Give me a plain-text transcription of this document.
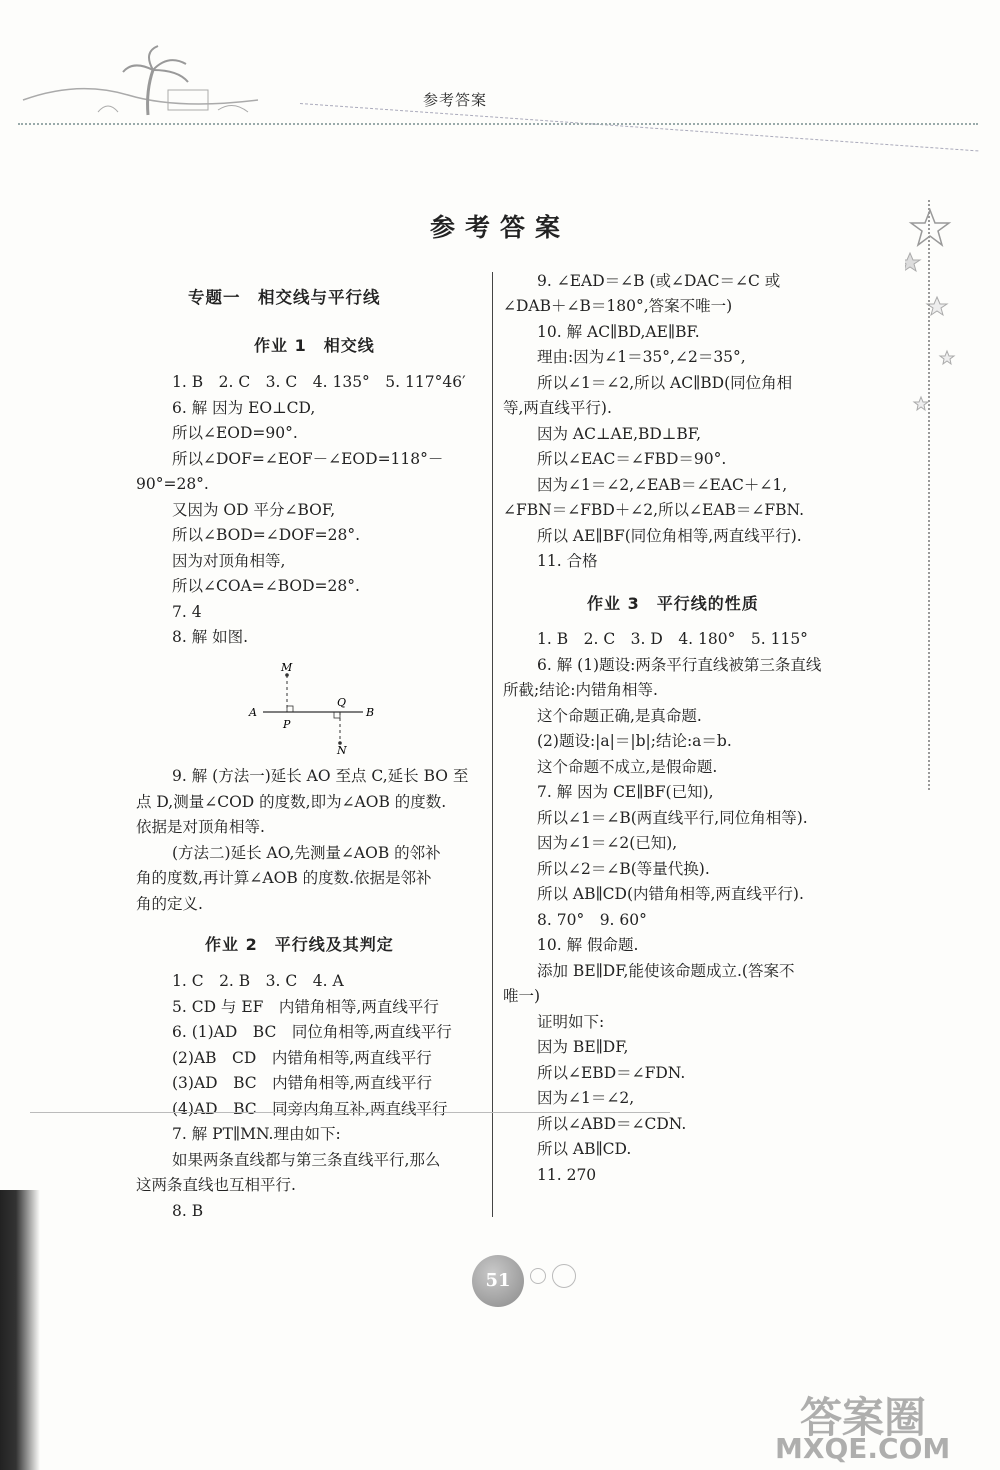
参考答案
参考答案
专题一　相交线与平行线
作业 1　相交线
1. B　2. C　3. C　4. 135°　5. 117°46′
6. 解 因为 EO⊥CD,
所以∠EOD=90°.
所以∠DOF=∠EOF－∠EOD=118°－
90°=28°.
又因为 OD 平分∠BOF,
所以∠BOD=∠DOF=28°.
因为对顶角相等,
所以∠COA=∠BOD=28°.
7. 4
8. 解 如图.
M
A
P
Q
B
N
9. 解 (方法一)延长 AO 至点 C,延长 BO 至
点 D,测量∠COD 的度数,即为∠AOB 的度数.
依据是对顶角相等.
(方法二)延长 AO,先测量∠AOB 的邻补
角的度数,再计算∠AOB 的度数.依据是邻补
角的定义.
作业 2　平行线及其判定
1. C　2. B　3. C　4. A
5. CD 与 EF　内错角相等,两直线平行
6. (1)AD　BC　同位角相等,两直线平行
(2)AB　CD　内错角相等,两直线平行
(3)AD　BC　内错角相等,两直线平行
(4)AD　BC　同旁内角互补,两直线平行
7. 解 PT∥MN.理由如下:
如果两条直线都与第三条直线平行,那么
这两条直线也互相平行.
8. B
9. ∠EAD＝∠B (或∠DAC＝∠C 或
∠DAB＋∠B＝180°,答案不唯一)
10. 解 AC∥BD,AE∥BF.
理由:因为∠1＝35°,∠2＝35°,
所以∠1＝∠2,所以 AC∥BD(同位角相
等,两直线平行).
因为 AC⊥AE,BD⊥BF,
所以∠EAC＝∠FBD＝90°.
因为∠1＝∠2,∠EAB＝∠EAC＋∠1,
∠FBN＝∠FBD＋∠2,所以∠EAB＝∠FBN.
所以 AE∥BF(同位角相等,两直线平行).
11. 合格
作业 3　平行线的性质
1. B　2. C　3. D　4. 180°　5. 115°
6. 解 (1)题设:两条平行直线被第三条直线
所截;结论:内错角相等.
这个命题正确,是真命题.
(2)题设:|a|＝|b|;结论:a＝b.
这个命题不成立,是假命题.
7. 解 因为 CE∥BF(已知),
所以∠1＝∠B(两直线平行,同位角相等).
因为∠1＝∠2(已知),
所以∠2＝∠B(等量代换).
所以 AB∥CD(内错角相等,两直线平行).
8. 70°　9. 60°
10. 解 假命题.
添加 BE∥DF,能使该命题成立.(答案不
唯一)
证明如下:
因为 BE∥DF,
所以∠EBD＝∠FDN.
因为∠1＝∠2,
所以∠ABD＝∠CDN.
所以 AB∥CD.
11. 270
51
答案圈
MXQE.COM
